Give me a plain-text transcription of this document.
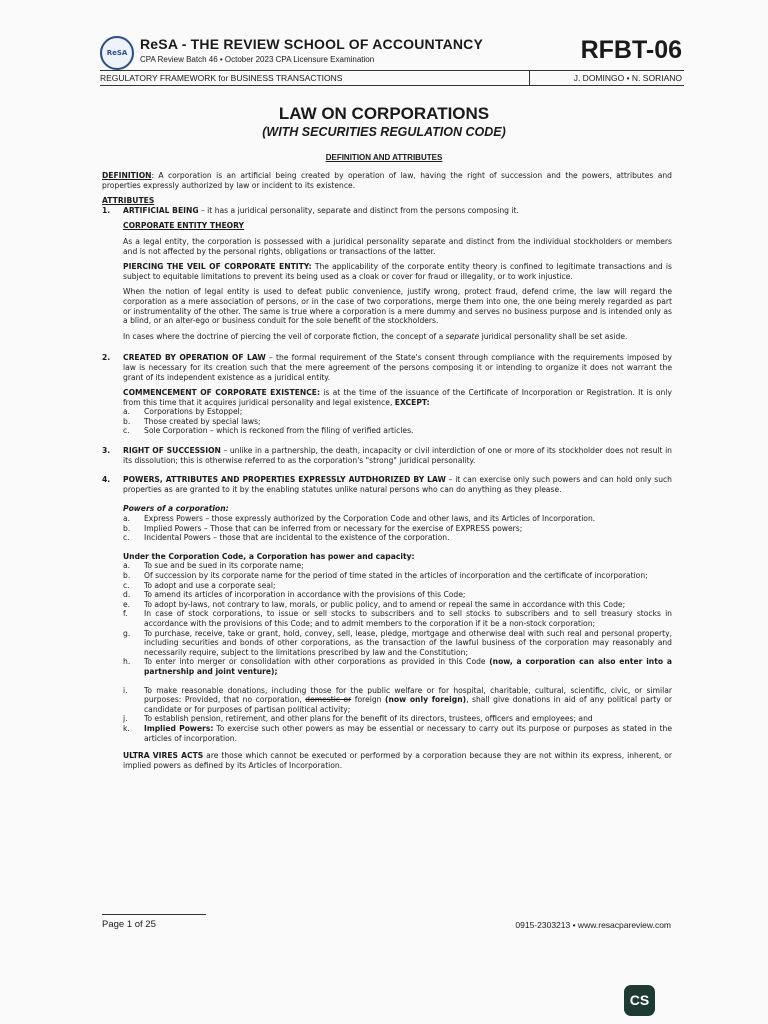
ReSA
ReSA - THE REVIEW SCHOOL OF ACCOUNTANCY
CPA Review Batch 46 • October 2023 CPA Licensure Examination	RFBT-06
REGULATORY FRAMEWORK for BUSINESS TRANSACTIONS	J. DOMINGO • N. SORIANO
LAW ON CORPORATIONS
(WITH SECURITIES REGULATION CODE)
DEFINITION AND ATTRIBUTES

DEFINITION: A corporation is an artificial being created by operation of law, having the right of succession and the powers, attributes and properties expressly authorized by law or incident to its existence.

ATTRIBUTES
1.	ARTIFICIAL BEING – it has a juridical personality, separate and distinct from the persons composing it.

CORPORATE ENTITY THEORY

As a legal entity, the corporation is possessed with a juridical personality separate and distinct from the individual stockholders or members and is not affected by the personal rights, obligations or transactions of the latter.

PIERCING THE VEIL OF CORPORATE ENTITY: The applicability of the corporate entity theory is confined to legitimate transactions and is subject to equitable limitations to prevent its being used as a cloak or cover for fraud or illegality, or to work injustice.

When the notion of legal entity is used to defeat public convenience, justify wrong, protect fraud, defend crime, the law will regard the corporation as a mere association of persons, or in the case of two corporations, merge them into one, the one being merely regarded as part or instrumentality of the other. The same is true where a corporation is a mere dummy and serves no business purpose and is intended only as a blind, or an alter-ego or business conduit for the sole benefit of the stockholders.

In cases where the doctrine of piercing the veil of corporate fiction, the concept of a separate juridical personality shall be set aside.

2.	CREATED BY OPERATION OF LAW – the formal requirement of the State's consent through compliance with the requirements imposed by law is necessary for its creation such that the mere agreement of the persons composing it or intending to organize it does not warrant the grant of its independent existence as a juridical entity.

COMMENCEMENT OF CORPORATE EXISTENCE: is at the time of the issuance of the Certificate of Incorporation or Registration. It is only from this time that it acquires juridical personality and legal existence, EXCEPT:

a.	Corporations by Estoppel;
b.	Those created by special laws;
c.	Sole Corporation – which is reckoned from the filing of verified articles.
3.	RIGHT OF SUCCESSION – unlike in a partnership, the death, incapacity or civil interdiction of one or more of its stockholder does not result in its dissolution; this is otherwise referred to as the corporation's "strong" juridical personality.
4.	POWERS, ATTRIBUTES AND PROPERTIES EXPRESSLY AUTDHORIZED BY LAW – it can exercise only such powers and can hold only such properties as are granted to it by the enabling statutes unlike natural persons who can do anything as they please.
Powers of a corporation:
a.	Express Powers – those expressly authorized by the Corporation Code and other laws, and its Articles of Incorporation.
b.	Implied Powers – Those that can be inferred from or necessary for the exercise of EXPRESS powers;
c.	Incidental Powers – those that are incidental to the existence of the corporation.
Under the Corporation Code, a Corporation has power and capacity:
a.	To sue and be sued in its corporate name;
b.	Of succession by its corporate name for the period of time stated in the articles of incorporation and the certificate of incorporation;
c.	To adopt and use a corporate seal;
d.	To amend its articles of incorporation in accordance with the provisions of this Code;
e.	To adopt by-laws, not contrary to law, morals, or public policy, and to amend or repeal the same in accordance with this Code;
f.	In case of stock corporations, to issue or sell stocks to subscribers and to sell stocks to subscribers and to sell treasury stocks in accordance with the provisions of this Code; and to admit members to the corporation if it be a non-stock corporation;
g.	To purchase, receive, take or grant, hold, convey, sell, lease, pledge, mortgage and otherwise deal with such real and personal property, including securities and bonds of other corporations, as the transaction of the lawful business of the corporation may reasonably and necessarily require, subject to the limitations prescribed by law and the Constitution;
h.	To enter into merger or consolidation with other corporations as provided in this Code (now, a corporation can also enter into a partnership and joint venture);
i.	To make reasonable donations, including those for the public welfare or for hospital, charitable, cultural, scientific, civic, or similar purposes: Provided, that no corporation, domestic or foreign (now only foreign), shall give donations in aid of any political party or candidate or for purposes of partisan political activity;
j.	To establish pension, retirement, and other plans for the benefit of its directors, trustees, officers and employees; and
k.	Implied Powers: To exercise such other powers as may be essential or necessary to carry out its purpose or purposes as stated in the articles of incorporation.

ULTRA VIRES ACTS are those which cannot be executed or performed by a corporation because they are not within its express, inherent, or implied powers as defined by its Articles of Incorporation.

Page 1 of 25	0915-2303213 • www.resacpareview.com
CS
